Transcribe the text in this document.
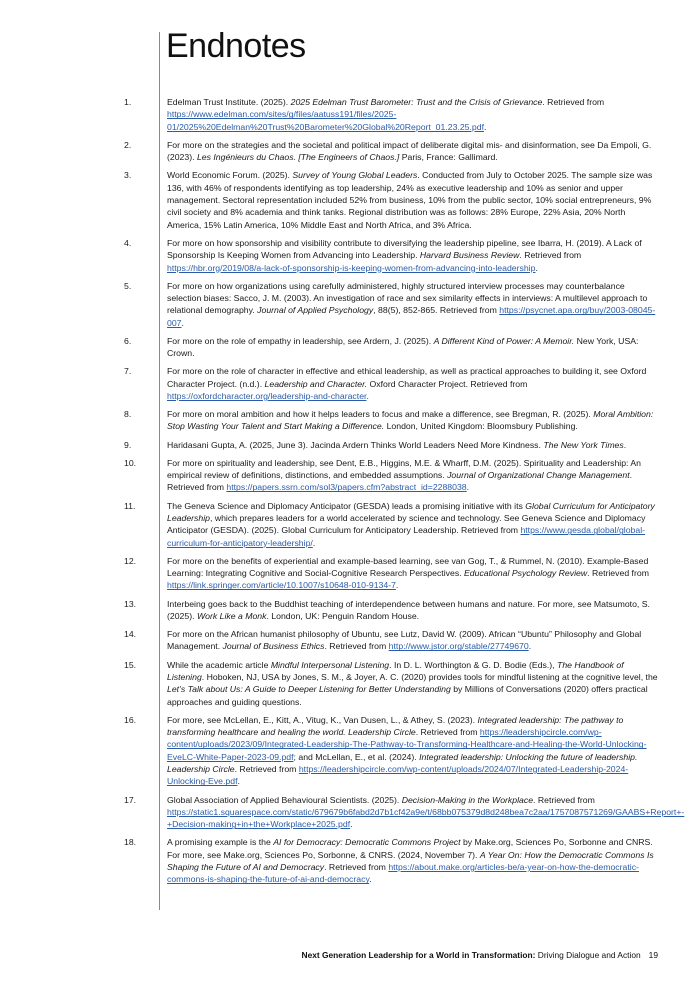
Endnotes
1.	Edelman Trust Institute. (2025). 2025 Edelman Trust Barometer: Trust and the Crisis of Grievance. Retrieved from https://www.edelman.com/sites/g/files/aatuss191/files/2025-01/2025%20Edelman%20Trust%20Barometer%20Global%20Report_01.23.25.pdf.
2.	For more on the strategies and the societal and political impact of deliberate digital mis- and disinformation, see Da Empoli, G. (2023). Les Ingénieurs du Chaos. [The Engineers of Chaos.] Paris, France: Gallimard.
3.	World Economic Forum. (2025). Survey of Young Global Leaders. Conducted from July to October 2025. The sample size was 136, with 46% of respondents identifying as top leadership, 24% as executive leadership and 10% as senior and upper management. Sectoral representation included 52% from business, 10% from the public sector, 10% social entrepreneurs, 9% civil society and 8% academia and think tanks. Regional distribution was as follows: 28% Europe, 22% Asia, 20% North America, 15% Latin America, 10% Middle East and North Africa, and 3% Africa.
4.	For more on how sponsorship and visibility contribute to diversifying the leadership pipeline, see Ibarra, H. (2019). A Lack of Sponsorship Is Keeping Women from Advancing into Leadership. Harvard Business Review. Retrieved from https://hbr.org/2019/08/a-lack-of-sponsorship-is-keeping-women-from-advancing-into-leadership.
5.	For more on how organizations using carefully administered, highly structured interview processes may counterbalance selection biases: Sacco, J. M. (2003). An investigation of race and sex similarity effects in interviews: A multilevel approach to relational demography. Journal of Applied Psychology, 88(5), 852-865. Retrieved from https://psycnet.apa.org/buy/2003-08045-007.
6.	For more on the role of empathy in leadership, see Ardern, J. (2025). A Different Kind of Power: A Memoir. New York, USA: Crown.
7.	For more on the role of character in effective and ethical leadership, as well as practical approaches to building it, see Oxford Character Project. (n.d.). Leadership and Character. Oxford Character Project. Retrieved from https://oxfordcharacter.org/leadership-and-character.
8.	For more on moral ambition and how it helps leaders to focus and make a difference, see Bregman, R. (2025). Moral Ambition: Stop Wasting Your Talent and Start Making a Difference. London, United Kingdom: Bloomsbury Publishing.
9.	Haridasani Gupta, A. (2025, June 3). Jacinda Ardern Thinks World Leaders Need More Kindness. The New York Times.
10.	For more on spirituality and leadership, see Dent, E.B., Higgins, M.E. & Wharff, D.M. (2025). Spirituality and Leadership: An empirical review of definitions, distinctions, and embedded assumptions. Journal of Organizational Change Management. Retrieved from https://papers.ssrn.com/sol3/papers.cfm?abstract_id=2288038.
11.	The Geneva Science and Diplomacy Anticipator (GESDA) leads a promising initiative with its Global Curriculum for Anticipatory Leadership, which prepares leaders for a world accelerated by science and technology. See Geneva Science and Diplomacy Anticipator (GESDA). (2025). Global Curriculum for Anticipatory Leadership. Retrieved from https://www.gesda.global/global-curriculum-for-anticipatory-leadership/.
12.	For more on the benefits of experiential and example-based learning, see van Gog, T., & Rummel, N. (2010). Example-Based Learning: Integrating Cognitive and Social-Cognitive Research Perspectives. Educational Psychology Review. Retrieved from https://link.springer.com/article/10.1007/s10648-010-9134-7.
13.	Interbeing goes back to the Buddhist teaching of interdependence between humans and nature. For more, see Matsumoto, S. (2025). Work Like a Monk. London, UK: Penguin Random House.
14.	For more on the African humanist philosophy of Ubuntu, see Lutz, David W. (2009). African “Ubuntu” Philosophy and Global Management. Journal of Business Ethics. Retrieved from http://www.jstor.org/stable/27749670.
15.	While the academic article Mindful Interpersonal Listening. In D. L. Worthington & G. D. Bodie (Eds.), The Handbook of Listening. Hoboken, NJ, USA by Jones, S. M., & Joyer, A. C. (2020) provides tools for mindful listening at the cognitive level, the Let’s Talk about Us: A Guide to Deeper Listening for Better Understanding by Millions of Conversations (2020) offers practical approaches and guiding questions.
16.	For more, see McLellan, E., Kitt, A., Vitug, K., Van Dusen, L., & Athey, S. (2023). Integrated leadership: The pathway to transforming healthcare and healing the world. Leadership Circle. Retrieved from https://leadershipcircle.com/wp-content/uploads/2023/09/Integrated-Leadership-The-Pathway-to-Transforming-Healthcare-and-Healing-the-World-Unlocking-EveLC-White-Paper-2023-09.pdf; and McLellan, E., et al. (2024). Integrated leadership: Unlocking the future of leadership. Leadership Circle. Retrieved from https://leadershipcircle.com/wp-content/uploads/2024/07/Integrated-Leadership-2024-Unlocking-Eve.pdf.
17.	Global Association of Applied Behavioural Scientists. (2025). Decision-Making in the Workplace. Retrieved from https://static1.squarespace.com/static/679679b6fabd2d7b1cf42a9e/t/68bb075379d8d248bea7c2aa/1757087571269/GAABS+Report+-+Decision-making+in+the+Workplace+2025.pdf.
18.	A promising example is the AI for Democracy: Democratic Commons Project by Make.org, Sciences Po, Sorbonne and CNRS. For more, see Make.org, Sciences Po, Sorbonne, & CNRS. (2024, November 7). A Year On: How the Democratic Commons Is Shaping the Future of AI and Democracy. Retrieved from https://about.make.org/articles-be/a-year-on-how-the-democratic-commons-is-shaping-the-future-of-ai-and-democracy.
Next Generation Leadership for a World in Transformation: Driving Dialogue and Action 19
